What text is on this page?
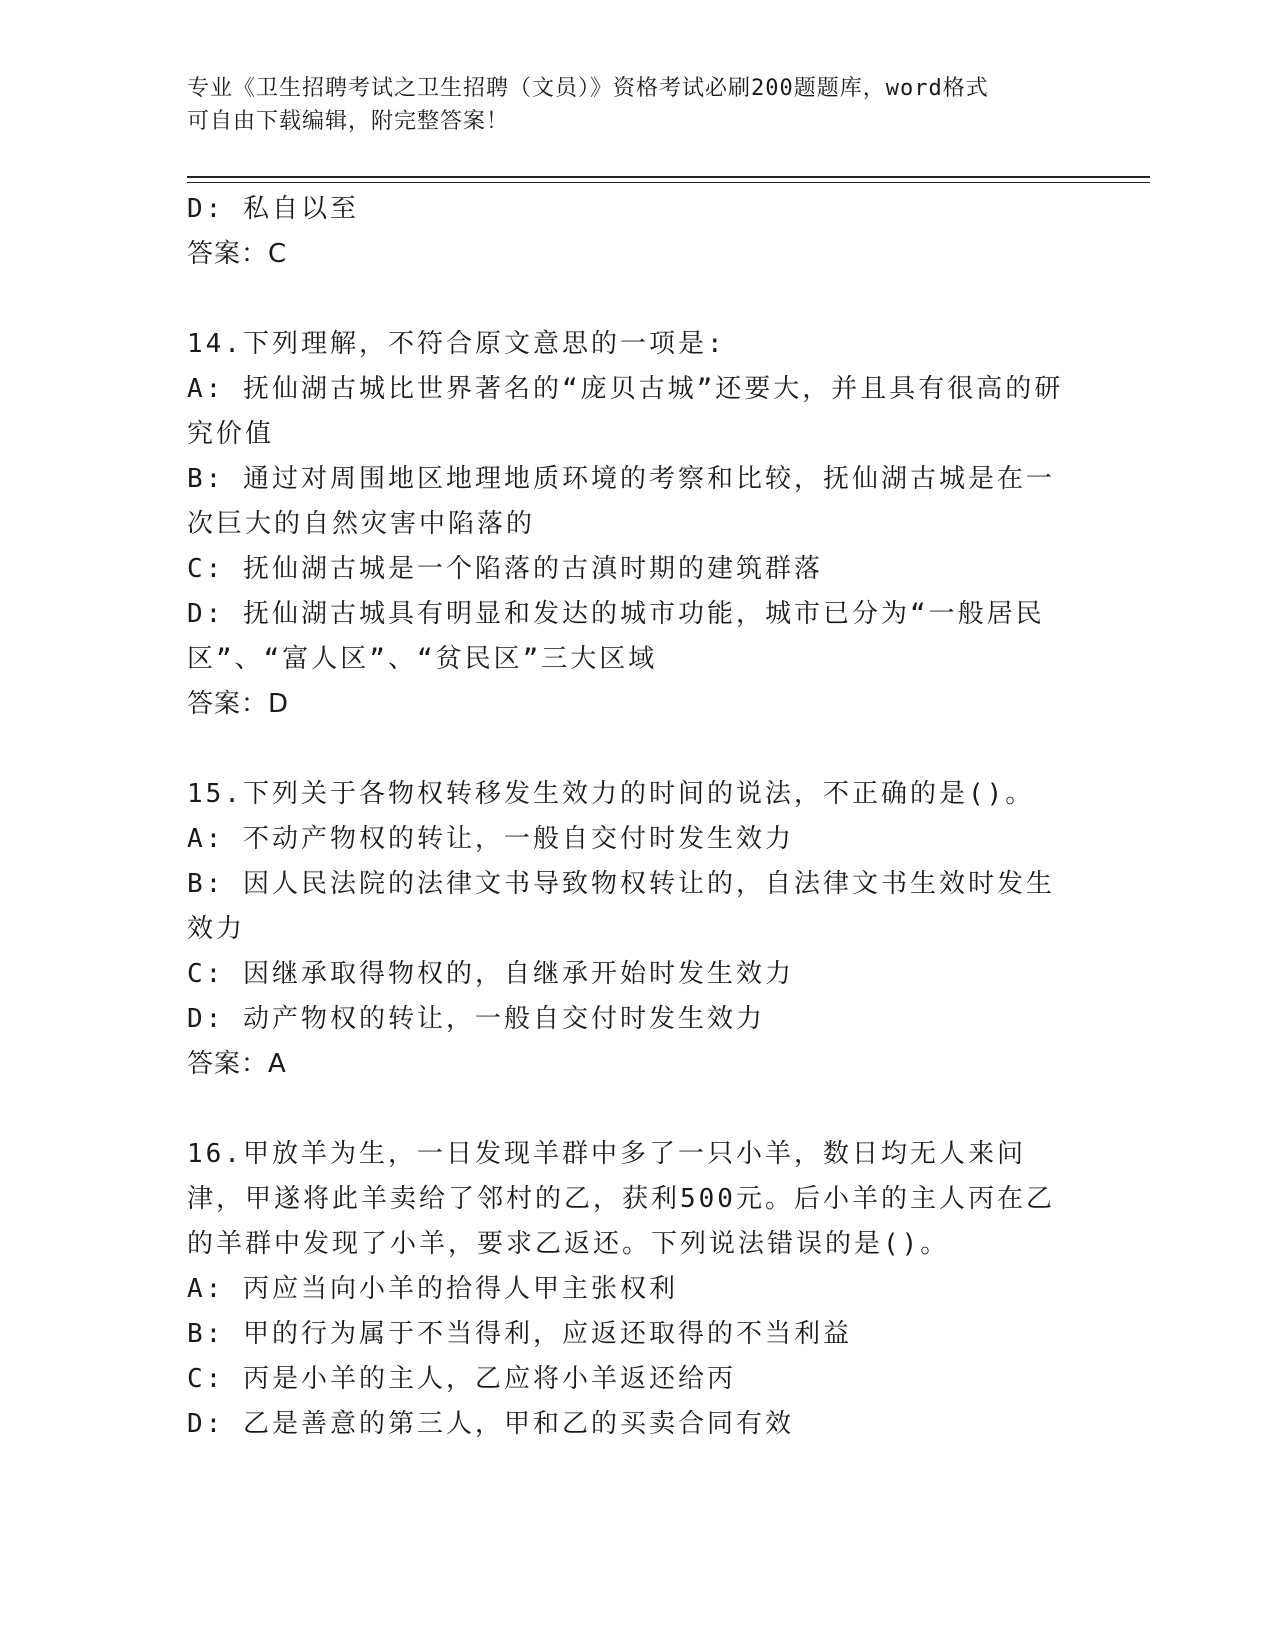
专业《卫生招聘考试之卫生招聘（文员）》资格考试必刷200题题库，word格式
可自由下载编辑，附完整答案！
D: 私自以至
答案：C
14.下列理解，不符合原文意思的一项是:
A: 抚仙湖古城比世界著名的“庞贝古城”还要大，并且具有很高的研究价值
B: 通过对周围地区地理地质环境的考察和比较，抚仙湖古城是在一次巨大的自然灾害中陷落的
C: 抚仙湖古城是一个陷落的古滇时期的建筑群落
D: 抚仙湖古城具有明显和发达的城市功能，城市已分为“一般居民区”、“富人区”、“贫民区”三大区域
答案：D
15.下列关于各物权转移发生效力的时间的说法，不正确的是()。
A: 不动产物权的转让，一般自交付时发生效力
B: 因人民法院的法律文书导致物权转让的，自法律文书生效时发生效力
C: 因继承取得物权的，自继承开始时发生效力
D: 动产物权的转让，一般自交付时发生效力
答案：A
16.甲放羊为生，一日发现羊群中多了一只小羊，数日均无人来问津，甲遂将此羊卖给了邻村的乙，获利500元。后小羊的主人丙在乙的羊群中发现了小羊，要求乙返还。下列说法错误的是()。
A: 丙应当向小羊的拾得人甲主张权利
B: 甲的行为属于不当得利，应返还取得的不当利益
C: 丙是小羊的主人，乙应将小羊返还给丙
D: 乙是善意的第三人，甲和乙的买卖合同有效
